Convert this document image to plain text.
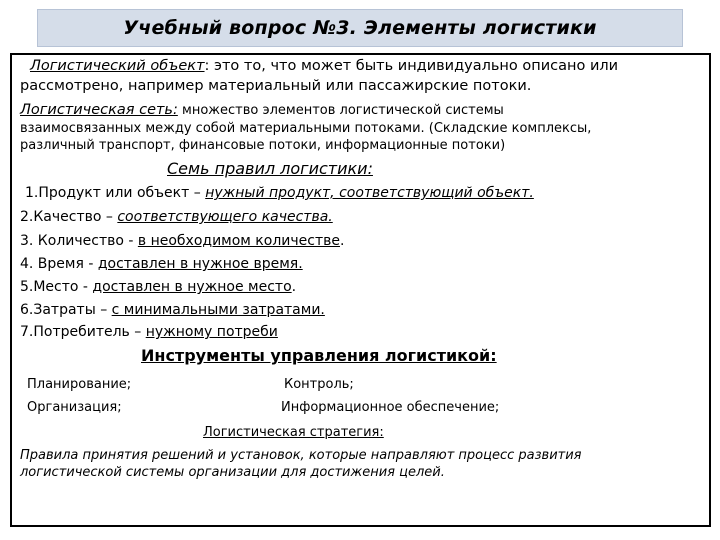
Учебный вопрос №3. Элементы логистики
Логистический объект: это то, что может быть индивидуально описано или
рассмотрено, например материальный или пассажирские потоки.
Логистическая сеть: множество элементов логистической системы
взаимосвязанных между собой материальными потоками. (Складские комплексы,
различный транспорт, финансовые потоки, информационные потоки)
Семь правил логистики:
1.Продукт или объект – нужный продукт, соответствующий объект.
2.Качество – соответствующего качества.
3. Количество - в необходимом количестве.
4. Время - доставлен в нужное время.
5.Место - доставлен в нужное место.
6.Затраты – с минимальными затратами.
7.Потребитель – нужному потреби
Инструменты управления логистикой:
Планирование;	Контроль;
Организация;	Информационное обеспечение;
Логистическая стратегия:
Правила принятия решений и установок, которые направляют процесс развития
логистической системы организации для достижения целей.
